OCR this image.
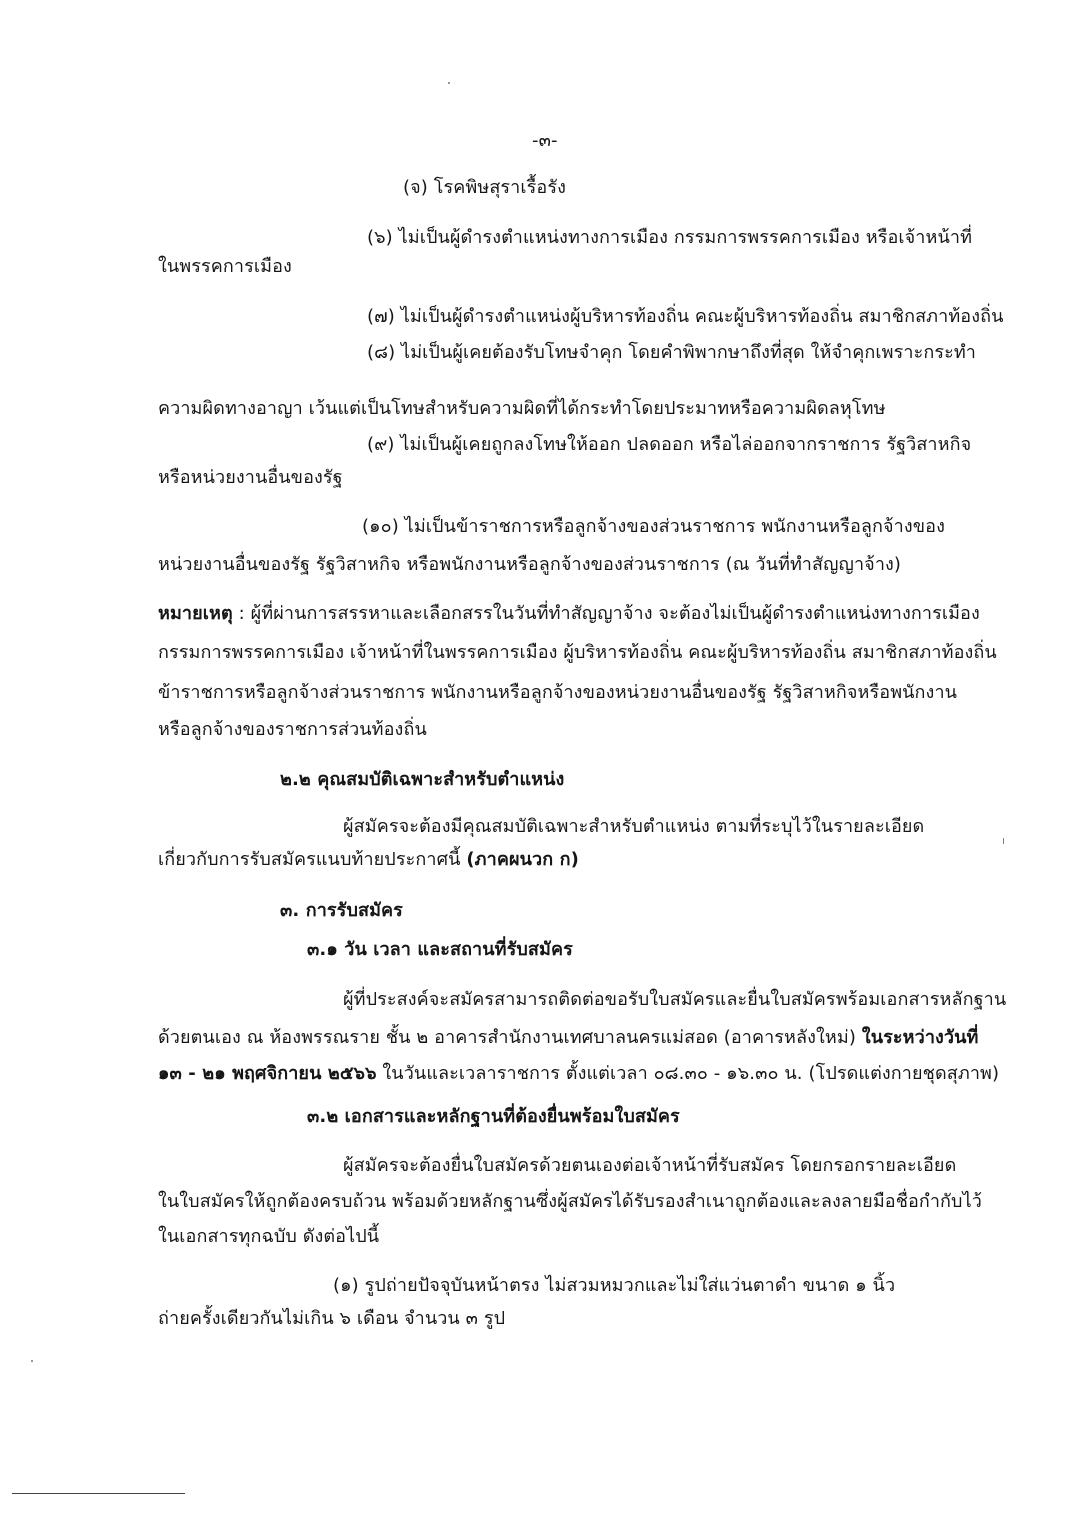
-๓-
(จ) โรคพิษสุราเรื้อรัง
(๖) ไม่เป็นผู้ดำรงตำแหน่งทางการเมือง กรรมการพรรคการเมือง หรือเจ้าหน้าที่
ในพรรคการเมือง
(๗) ไม่เป็นผู้ดำรงตำแหน่งผู้บริหารท้องถิ่น คณะผู้บริหารท้องถิ่น สมาชิกสภาท้องถิ่น
(๘) ไม่เป็นผู้เคยต้องรับโทษจำคุก โดยคำพิพากษาถึงที่สุด ให้จำคุกเพราะกระทำ
ความผิดทางอาญา เว้นแต่เป็นโทษสำหรับความผิดที่ได้กระทำโดยประมาทหรือความผิดลหุโทษ
(๙) ไม่เป็นผู้เคยถูกลงโทษให้ออก ปลดออก หรือไล่ออกจากราชการ รัฐวิสาหกิจ
หรือหน่วยงานอื่นของรัฐ
(๑๐) ไม่เป็นข้าราชการหรือลูกจ้างของส่วนราชการ พนักงานหรือลูกจ้างของ
หน่วยงานอื่นของรัฐ รัฐวิสาหกิจ หรือพนักงานหรือลูกจ้างของส่วนราชการ (ณ วันที่ทำสัญญาจ้าง)
หมายเหตุ : ผู้ที่ผ่านการสรรหาและเลือกสรรในวันที่ทำสัญญาจ้าง จะต้องไม่เป็นผู้ดำรงตำแหน่งทางการเมือง
กรรมการพรรคการเมือง เจ้าหน้าที่ในพรรคการเมือง ผู้บริหารท้องถิ่น คณะผู้บริหารท้องถิ่น สมาชิกสภาท้องถิ่น
ข้าราชการหรือลูกจ้างส่วนราชการ พนักงานหรือลูกจ้างของหน่วยงานอื่นของรัฐ รัฐวิสาหกิจหรือพนักงาน
หรือลูกจ้างของราชการส่วนท้องถิ่น
๒.๒ คุณสมบัติเฉพาะสำหรับตำแหน่ง
ผู้สมัครจะต้องมีคุณสมบัติเฉพาะสำหรับตำแหน่ง ตามที่ระบุไว้ในรายละเอียด
เกี่ยวกับการรับสมัครแนบท้ายประกาศนี้ (ภาคผนวก ก)
๓. การรับสมัคร
๓.๑ วัน เวลา และสถานที่รับสมัคร
ผู้ที่ประสงค์จะสมัครสามารถติดต่อขอรับใบสมัครและยื่นใบสมัครพร้อมเอกสารหลักฐาน
ด้วยตนเอง ณ ห้องพรรณราย ชั้น ๒ อาคารสำนักงานเทศบาลนครแม่สอด (อาคารหลังใหม่) ในระหว่างวันที่
๑๓ - ๒๑ พฤศจิกายน ๒๕๖๖ ในวันและเวลาราชการ ตั้งแต่เวลา ๐๘.๓๐ - ๑๖.๓๐ น. (โปรดแต่งกายชุดสุภาพ)
๓.๒ เอกสารและหลักฐานที่ต้องยื่นพร้อมใบสมัคร
ผู้สมัครจะต้องยื่นใบสมัครด้วยตนเองต่อเจ้าหน้าที่รับสมัคร โดยกรอกรายละเอียด
ในใบสมัครให้ถูกต้องครบถ้วน พร้อมด้วยหลักฐานซึ่งผู้สมัครได้รับรองสำเนาถูกต้องและลงลายมือชื่อกำกับไว้
ในเอกสารทุกฉบับ ดังต่อไปนี้
(๑) รูปถ่ายปัจจุบันหน้าตรง ไม่สวมหมวกและไม่ใส่แว่นตาดำ ขนาด ๑ นิ้ว
ถ่ายครั้งเดียวกันไม่เกิน ๖ เดือน จำนวน ๓ รูป
